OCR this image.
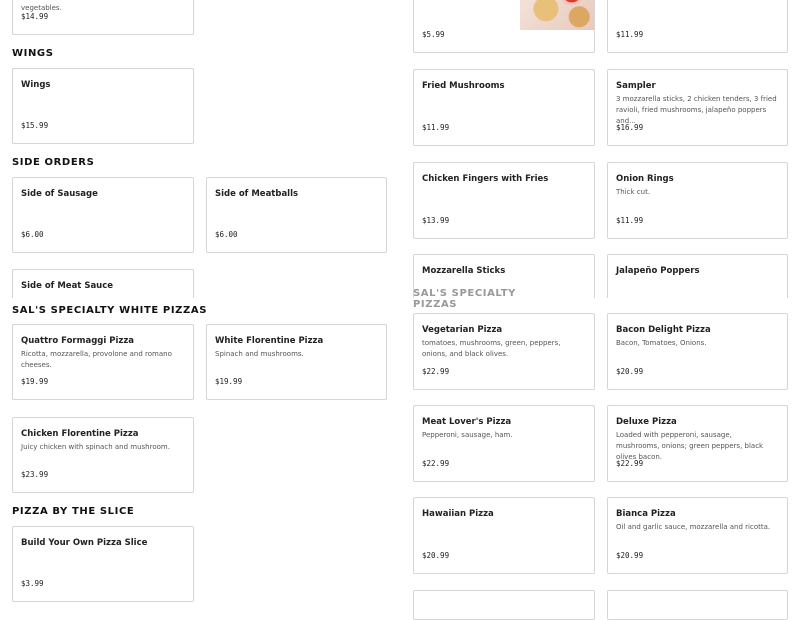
vegetables.
$14.99
WINGS
Wings
$15.99
SIDE ORDERS
Side of Sausage
$6.00
Side of Meatballs
$6.00
Side of Meat Sauce
SAL'S SPECIALTY WHITE PIZZAS
Quattro Formaggi Pizza
Ricotta, mozzarella, provolone and romano cheeses.
$19.99
White Florentine Pizza
Spinach and mushrooms.
$19.99
Chicken Florentine Pizza
Juicy chicken with spinach and mushroom.
$23.99
PIZZA BY THE SLICE
Build Your Own Pizza Slice
$3.99
$5.99	$11.99
Fried Mushrooms
$11.99
Sampler
3 mozzarella sticks, 2 chicken tenders, 3 fried ravioli, fried mushrooms, jalapeño poppers and...
$16.99
Chicken Fingers with Fries
$13.99
Onion Rings
Thick cut.
$11.99
Mozzarella Sticks	Jalapeño Poppers
SAL'S SPECIALTY PIZZAS
Vegetarian Pizza
tomatoes, mushrooms, green, peppers, onions, and black olives.
$22.99
Bacon Delight Pizza
Bacon, Tomatoes, Onions.
$20.99
Meat Lover's Pizza
Pepperoni, sausage, ham.
$22.99
Deluxe Pizza
Loaded with pepperoni, sausage, mushrooms, onions; green peppers, black olives bacon.
$22.99
Hawaiian Pizza
$20.99
Bianca Pizza
Oil and garlic sauce, mozzarella and ricotta.
$20.99
